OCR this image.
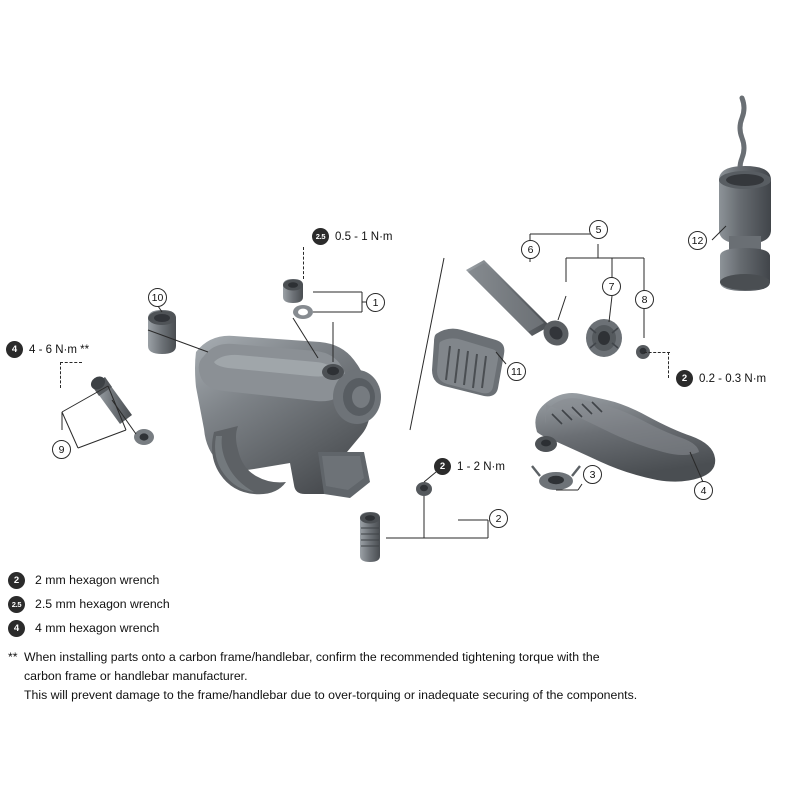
2.5 0.5 - 1 N·m
4	4 - 6 N·m **
2	0.2 - 0.3 N·m
2	1 - 2 N·m
1
2
3
4
5
6
7
8
9
10
11
12
2	2 mm hexagon wrench
2.5	2.5 mm hexagon wrench
4	4 mm hexagon wrench
** When installing parts onto a carbon frame/handlebar, confirm the recommended tightening torque with the
carbon frame or handlebar manufacturer.
This will prevent damage to the frame/handlebar due to over-torquing or inadequate securing of the components.
